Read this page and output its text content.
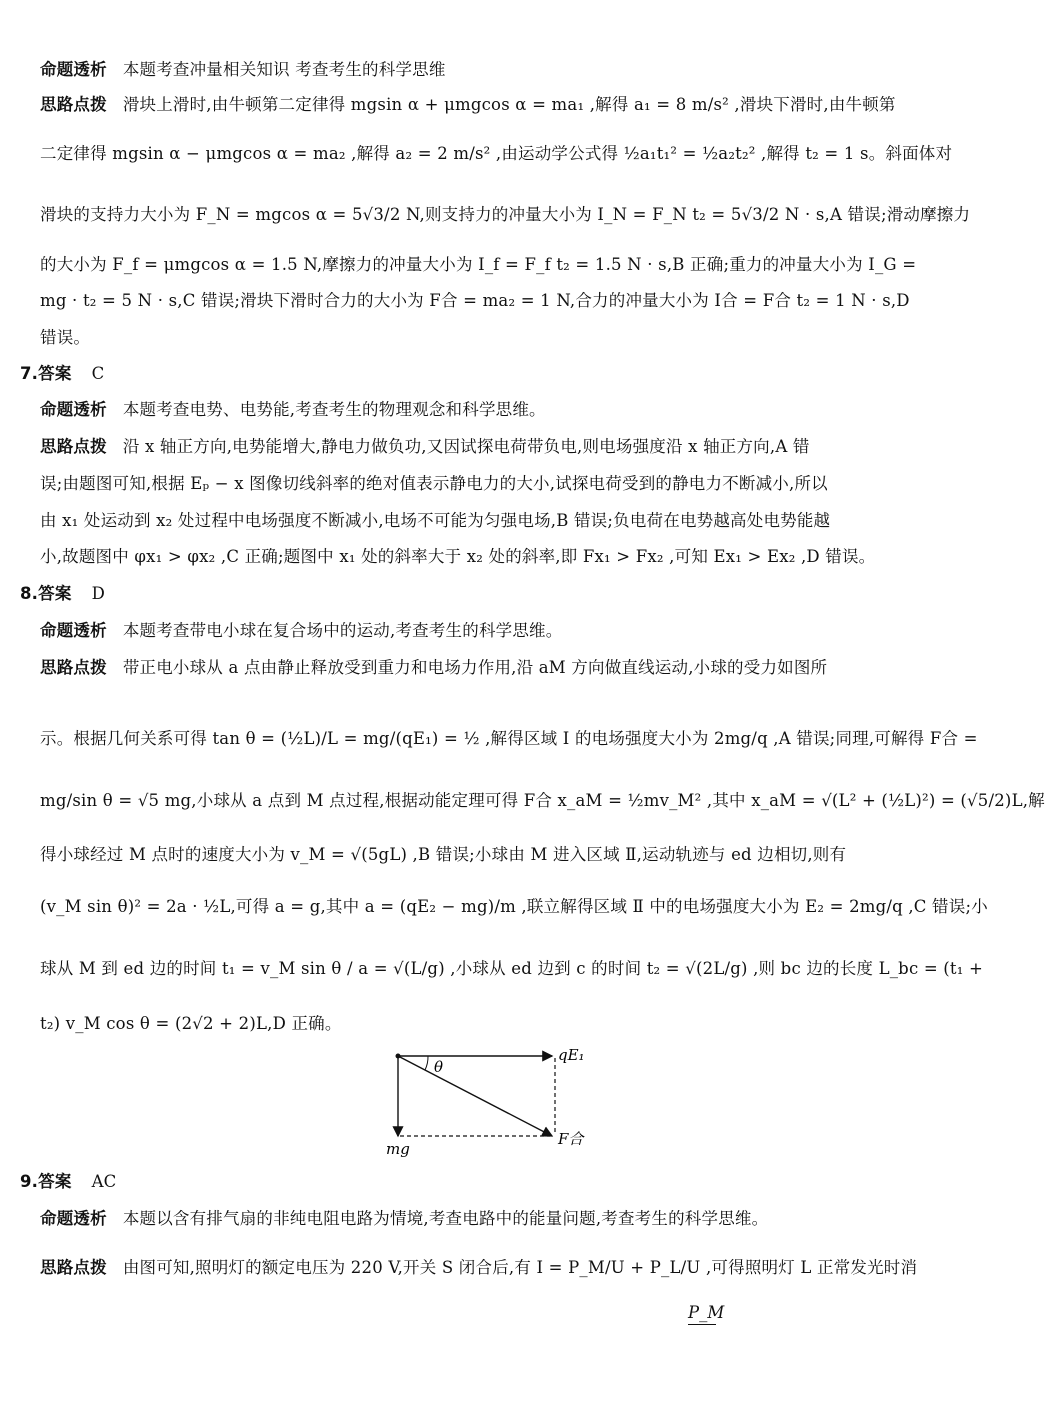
命题透析 本题考查冲量相关知识 考查考生的科学思维
思路点拨 滑块上滑时,由牛顿第二定律得 mgsin α + μmgcos α = ma₁ ,解得 a₁ = 8 m/s² ,滑块下滑时,由牛顿第
二定律得 mgsin α − μmgcos α = ma₂ ,解得 a₂ = 2 m/s² ,由运动学公式得 ½a₁t₁² = ½a₂t₂² ,解得 t₂ = 1 s。斜面体对
滑块的支持力大小为 F_N = mgcos α = 5√3/2 N,则支持力的冲量大小为 I_N = F_N t₂ = 5√3/2 N · s,A 错误;滑动摩擦力
的大小为 F_f = μmgcos α = 1.5 N,摩擦力的冲量大小为 I_f = F_f t₂ = 1.5 N · s,B 正确;重力的冲量大小为 I_G =
mg · t₂ = 5 N · s,C 错误;滑块下滑时合力的大小为 F合 = ma₂ = 1 N,合力的冲量大小为 I合 = F合 t₂ = 1 N · s,D
错误。
7.答案 C
命题透析 本题考查电势、电势能,考查考生的物理观念和科学思维。
思路点拨 沿 x 轴正方向,电势能增大,静电力做负功,又因试探电荷带负电,则电场强度沿 x 轴正方向,A 错
误;由题图可知,根据 Eₚ − x 图像切线斜率的绝对值表示静电力的大小,试探电荷受到的静电力不断减小,所以
由 x₁ 处运动到 x₂ 处过程中电场强度不断减小,电场不可能为匀强电场,B 错误;负电荷在电势越高处电势能越
小,故题图中 φx₁ > φx₂ ,C 正确;题图中 x₁ 处的斜率大于 x₂ 处的斜率,即 Fx₁ > Fx₂ ,可知 Ex₁ > Ex₂ ,D 错误。
8.答案 D
命题透析 本题考查带电小球在复合场中的运动,考查考生的科学思维。
思路点拨 带正电小球从 a 点由静止释放受到重力和电场力作用,沿 aM 方向做直线运动,小球的受力如图所
示。根据几何关系可得 tan θ = (½L)/L = mg/(qE₁) = ½ ,解得区域 Ⅰ 的电场强度大小为 2mg/q ,A 错误;同理,可解得 F合 =
mg/sin θ = √5 mg,小球从 a 点到 M 点过程,根据动能定理可得 F合 x_aM = ½mv_M² ,其中 x_aM = √(L² + (½L)²) = (√5/2)L,解
得小球经过 M 点时的速度大小为 v_M = √(5gL) ,B 错误;小球由 M 进入区域 Ⅱ,运动轨迹与 ed 边相切,则有
(v_M sin θ)² = 2a · ½L,可得 a = g,其中 a = (qE₂ − mg)/m ,联立解得区域 Ⅱ 中的电场强度大小为 E₂ = 2mg/q ,C 错误;小
球从 M 到 ed 边的时间 t₁ = v_M sin θ / a = √(L/g) ,小球从 ed 边到 c 的时间 t₂ = √(2L/g) ,则 bc 边的长度 L_bc = (t₁ +
t₂) v_M cos θ = (2√2 + 2)L,D 正确。
θ
qE₁
mg
F合
9.答案 AC
命题透析 本题以含有排气扇的非纯电阻电路为情境,考查电路中的能量问题,考查考生的科学思维。
思路点拨 由图可知,照明灯的额定电压为 220 V,开关 S 闭合后,有 I = P_M/U + P_L/U ,可得照明灯 L 正常发光时消
P_M
